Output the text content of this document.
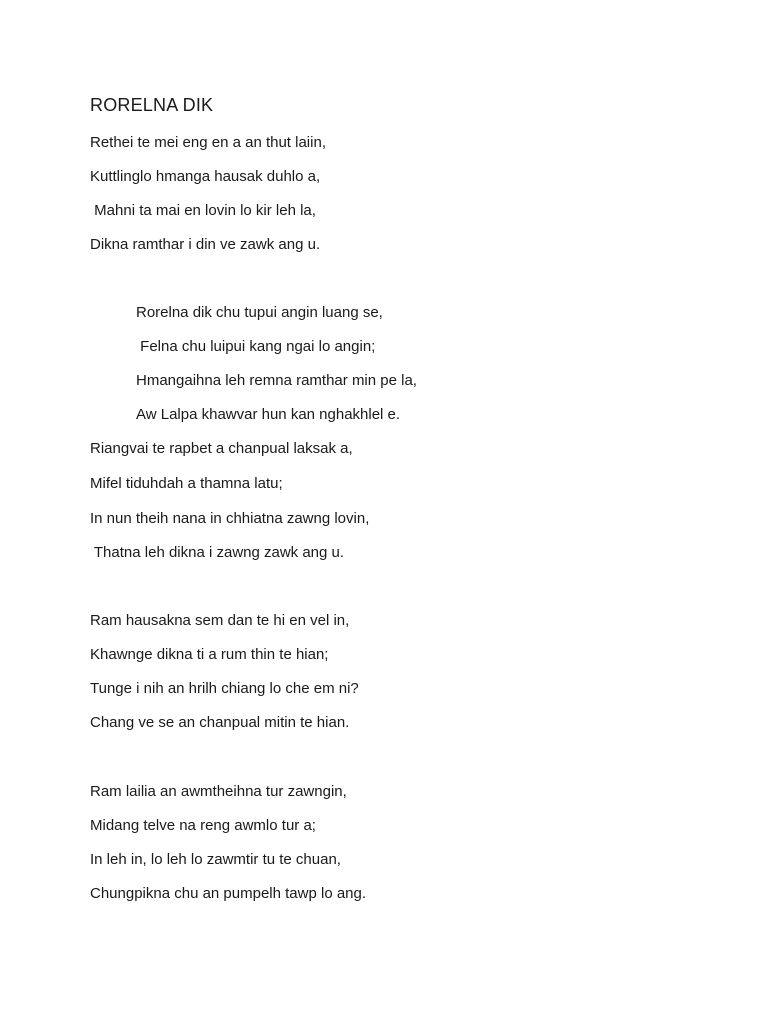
RORELNA DIK
Rethei te mei eng en a an thut laiin,
Kuttlinglo hmanga hausak duhlo a,
Mahni ta mai en lovin lo kir leh la,
Dikna ramthar i din ve zawk ang u.
Rorelna dik chu tupui angin luang se,
Felna chu luipui kang ngai lo angin;
Hmangaihna leh remna ramthar min pe la,
Aw Lalpa khawvar hun kan nghakhlel e.
Riangvai te rapbet a chanpual laksak a,
Mifel tiduhdah a thamna latu;
In nun theih nana in chhiatna zawng lovin,
Thatna leh dikna i zawng zawk ang u.
Ram hausakna sem dan te hi en vel in,
Khawnge dikna ti a rum thin te hian;
Tunge i nih an hrilh chiang lo che em ni?
Chang ve se an chanpual mitin te hian.
Ram lailia an awmtheihna tur zawngin,
Midang telve na reng awmlo tur a;
In leh in, lo leh lo zawmtir tu te chuan,
Chungpikna chu an pumpelh tawp lo ang.
